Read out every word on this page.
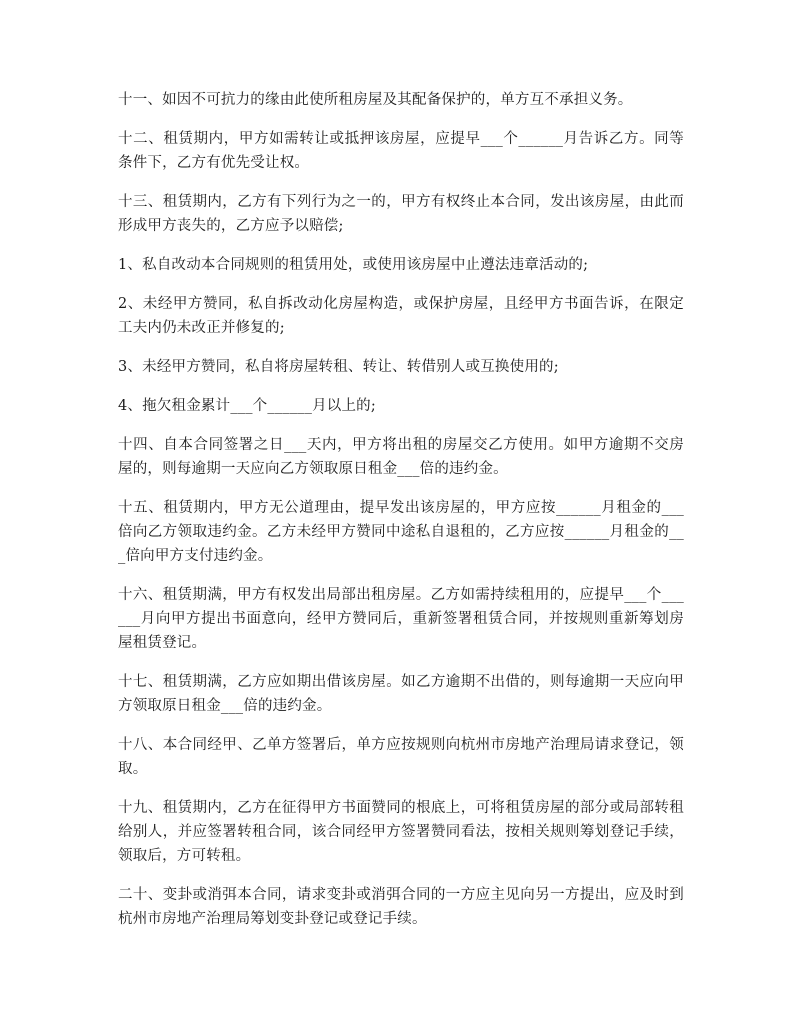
十一、如因不可抗力的缘由此使所租房屋及其配备保护的，单方互不承担义务。

十二、租赁期内，甲方如需转让或抵押该房屋，应提早___个______月告诉乙方。同等条件下，乙方有优先受让权。

十三、租赁期内，乙方有下列行为之一的，甲方有权终止本合同，发出该房屋，由此而形成甲方丧失的，乙方应予以赔偿;

1、私自改动本合同规则的租赁用处，或使用该房屋中止遵法违章活动的;

2、未经甲方赞同，私自拆改动化房屋构造，或保护房屋，且经甲方书面告诉，在限定工夫内仍未改正并修复的;

3、未经甲方赞同，私自将房屋转租、转让、转借别人或互换使用的;

4、拖欠租金累计___个______月以上的;

十四、自本合同签署之日___天内，甲方将出租的房屋交乙方使用。如甲方逾期不交房屋的，则每逾期一天应向乙方领取原日租金___倍的违约金。

十五、租赁期内，甲方无公道理由，提早发出该房屋的，甲方应按______月租金的___倍向乙方领取违约金。乙方未经甲方赞同中途私自退租的，乙方应按______月租金的___倍向甲方支付违约金。

十六、租赁期满，甲方有权发出局部出租房屋。乙方如需持续租用的，应提早___个______月向甲方提出书面意向，经甲方赞同后，重新签署租赁合同，并按规则重新筹划房屋租赁登记。

十七、租赁期满，乙方应如期出借该房屋。如乙方逾期不出借的，则每逾期一天应向甲方领取原日租金___倍的违约金。

十八、本合同经甲、乙单方签署后，单方应按规则向杭州市房地产治理局请求登记，领取。

十九、租赁期内，乙方在征得甲方书面赞同的根底上，可将租赁房屋的部分或局部转租给别人，并应签署转租合同，该合同经甲方签署赞同看法，按相关规则筹划登记手续，领取后，方可转租。

二十、变卦或消弭本合同，请求变卦或消弭合同的一方应主见向另一方提出，应及时到杭州市房地产治理局筹划变卦登记或登记手续。
